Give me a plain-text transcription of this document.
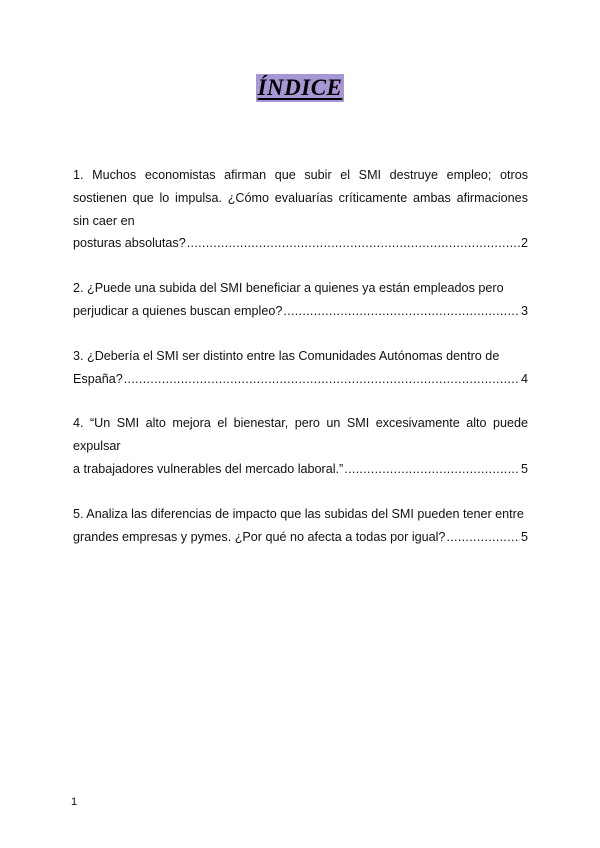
ÍNDICE
1. Muchos economistas afirman que subir el SMI destruye empleo; otros sostienen que lo impulsa. ¿Cómo evaluarías críticamente ambas afirmaciones sin caer en
posturas absolutas? .....	2
2. ¿Puede una subida del SMI beneficiar a quienes ya están empleados pero
perjudicar a quienes buscan empleo? .....	3
3. ¿Debería el SMI ser distinto entre las Comunidades Autónomas dentro de
España? .....	4
4. “Un SMI alto mejora el bienestar, pero un SMI excesivamente alto puede expulsar
a trabajadores vulnerables del mercado laboral.” .....	5
5. Analiza las diferencias de impacto que las subidas del SMI pueden tener entre
grandes empresas y pymes. ¿Por qué no afecta a todas por igual? .....	5
1
